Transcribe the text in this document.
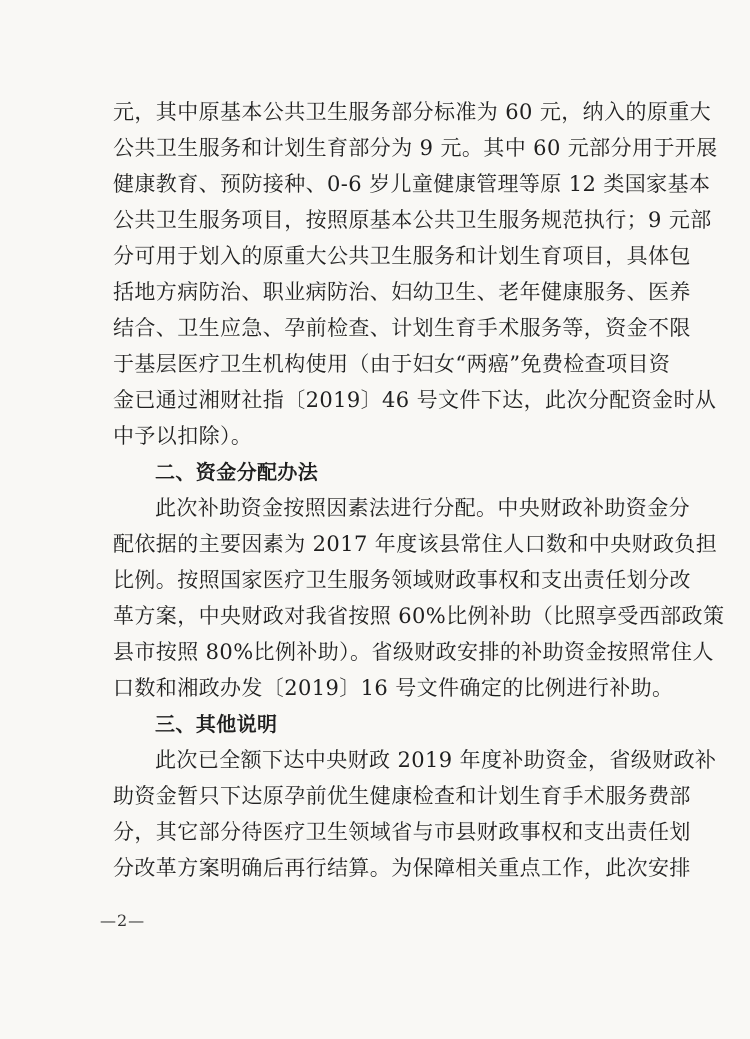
元，其中原基本公共卫生服务部分标准为 60 元，纳入的原重大
公共卫生服务和计划生育部分为 9 元。其中 60 元部分用于开展
健康教育、预防接种、0-6 岁儿童健康管理等原 12 类国家基本
公共卫生服务项目，按照原基本公共卫生服务规范执行；9 元部
分可用于划入的原重大公共卫生服务和计划生育项目，具体包
括地方病防治、职业病防治、妇幼卫生、老年健康服务、医养
结合、卫生应急、孕前检查、计划生育手术服务等，资金不限
于基层医疗卫生机构使用（由于妇女“两癌”免费检查项目资
金已通过湘财社指〔2019〕46 号文件下达，此次分配资金时从
中予以扣除）。
二、资金分配办法
此次补助资金按照因素法进行分配。中央财政补助资金分
配依据的主要因素为 2017 年度该县常住人口数和中央财政负担
比例。按照国家医疗卫生服务领域财政事权和支出责任划分改
革方案，中央财政对我省按照 60%比例补助（比照享受西部政策
县市按照 80%比例补助）。省级财政安排的补助资金按照常住人
口数和湘政办发〔2019〕16 号文件确定的比例进行补助。
三、其他说明
此次已全额下达中央财政 2019 年度补助资金，省级财政补
助资金暂只下达原孕前优生健康检查和计划生育手术服务费部
分，其它部分待医疗卫生领域省与市县财政事权和支出责任划
分改革方案明确后再行结算。为保障相关重点工作，此次安排
—2—
